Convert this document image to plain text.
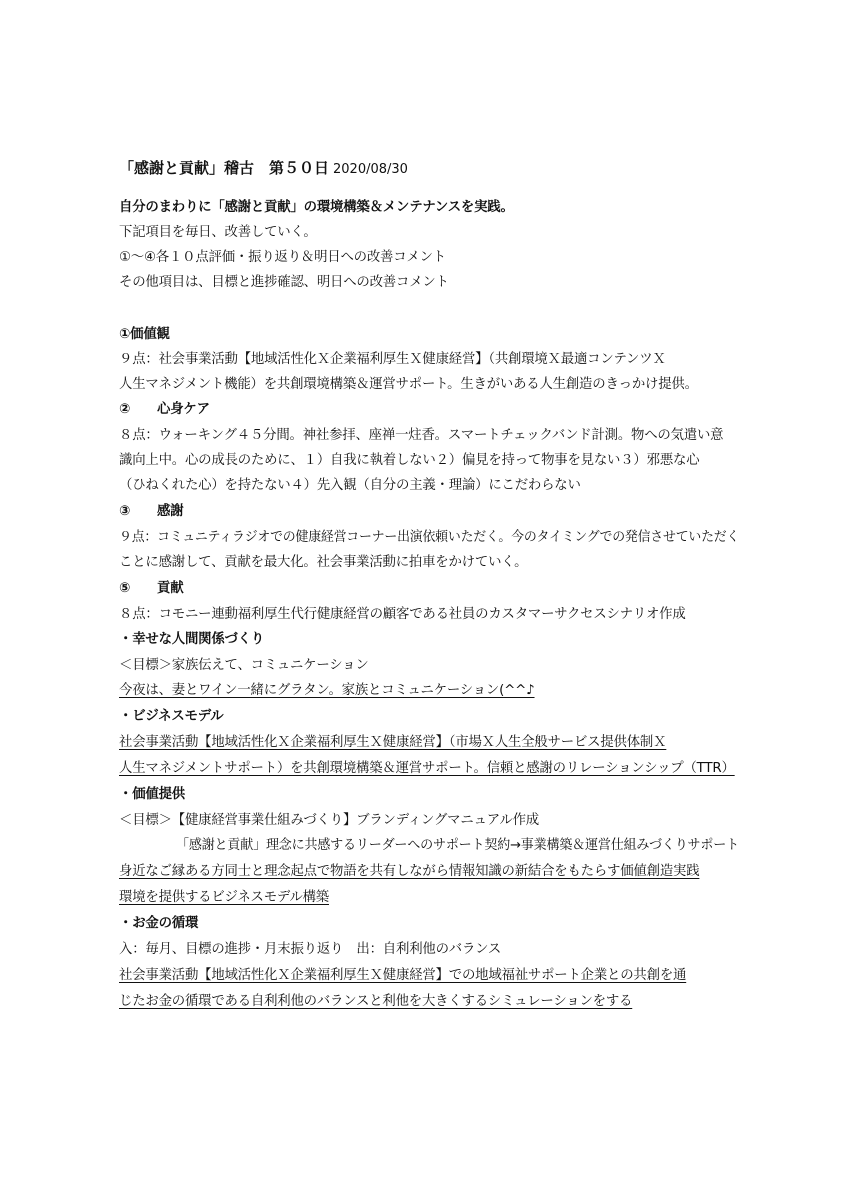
「感謝と貢献」稽古　第５０日 2020/08/30
自分のまわりに「感謝と貢献」の環境構築＆メンテナンスを実践。
下記項目を毎日、改善していく。
①～④各１０点評価・振り返り＆明日への改善コメント
その他項目は、目標と進捗確認、明日への改善コメント
①価値観
９点：社会事業活動【地域活性化Ｘ企業福利厚生Ｘ健康経営】（共創環境Ｘ最適コンテンツＸ
人生マネジメント機能）を共創環境構築＆運営サポート。生きがいある人生創造のきっかけ提供。
② 心身ケア
８点：ウォーキング４５分間。神社参拝、座禅一炷香。スマートチェックバンド計測。物への気遣い意
識向上中。心の成長のために、１）自我に執着しない２）偏見を持って物事を見ない３）邪悪な心
（ひねくれた心）を持たない４）先入観（自分の主義・理論）にこだわらない
③ 感謝
９点：コミュニティラジオでの健康経営コーナー出演依頼いただく。今のタイミングでの発信させていただく
ことに感謝して、貢献を最大化。社会事業活動に拍車をかけていく。
⑤ 貢献
８点：コモニー連動福利厚生代行健康経営の顧客である社員のカスタマーサクセスシナリオ作成
・幸せな人間関係づくり
＜目標＞家族伝えて、コミュニケーション
今夜は、妻とワイン一緒にグラタン。家族とコミュニケーション(^^♪
・ビジネスモデル
社会事業活動【地域活性化Ｘ企業福利厚生Ｘ健康経営】（市場Ｘ人生全般サービス提供体制Ｘ
人生マネジメントサポート）を共創環境構築＆運営サポート。信頼と感謝のリレーションシップ（TTR）
・価値提供
＜目標＞【健康経営事業仕組みづくり】ブランディングマニュアル作成
「感謝と貢献」理念に共感するリーダーへのサポート契約→事業構築＆運営仕組みづくりサポート
身近なご縁ある方同士と理念起点で物語を共有しながら情報知識の新結合をもたらす価値創造実践
環境を提供するビジネスモデル構築
・お金の循環
入：毎月、目標の進捗・月末振り返り　出：自利利他のバランス
社会事業活動【地域活性化Ｘ企業福利厚生Ｘ健康経営】での地域福祉サポート企業との共創を通
じたお金の循環である自利利他のバランスと利他を大きくするシミュレーションをする
